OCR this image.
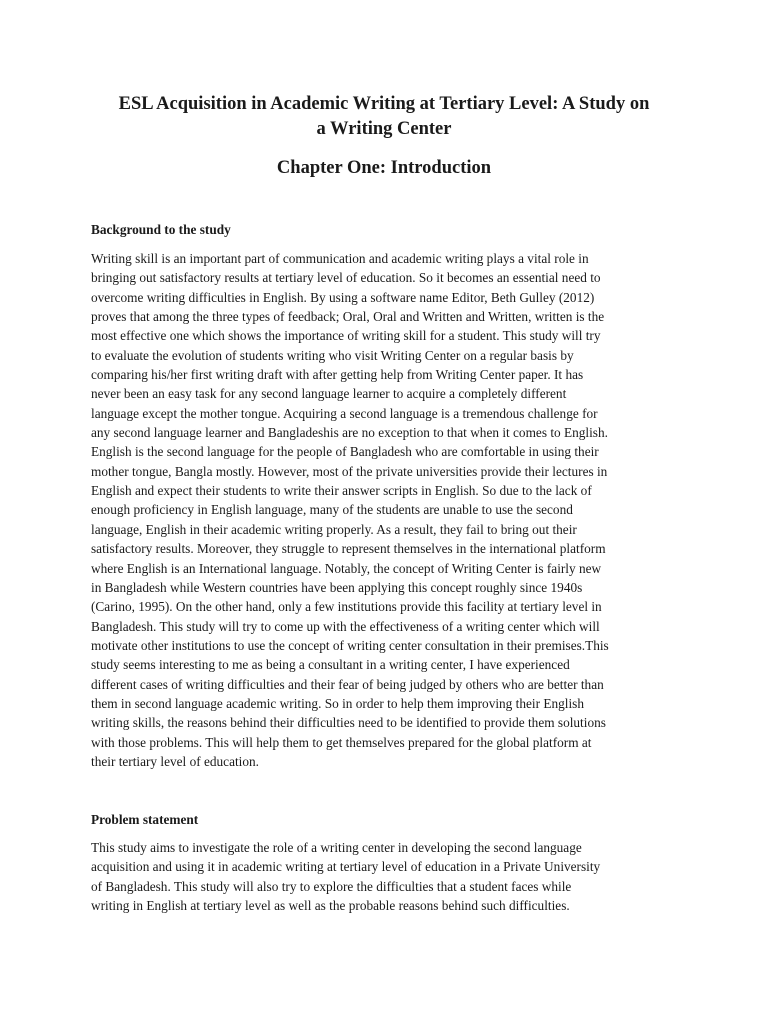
ESL Acquisition in Academic Writing at Tertiary Level: A Study on
a Writing Center
Chapter One: Introduction
Background to the study

Writing skill is an important part of communication and academic writing plays a vital role in
bringing out satisfactory results at tertiary level of education. So it becomes an essential need to
overcome writing difficulties in English. By using a software name Editor, Beth Gulley (2012)
proves that among the three types of feedback; Oral, Oral and Written and Written, written is the
most effective one which shows the importance of writing skill for a student. This study will try
to evaluate the evolution of students writing who visit Writing Center on a regular basis by
comparing his/her first writing draft with after getting help from Writing Center paper. It has
never been an easy task for any second language learner to acquire a completely different
language except the mother tongue. Acquiring a second language is a tremendous challenge for
any second language learner and Bangladeshis are no exception to that when it comes to English.
English is the second language for the people of Bangladesh who are comfortable in using their
mother tongue, Bangla mostly. However, most of the private universities provide their lectures in
English and expect their students to write their answer scripts in English. So due to the lack of
enough proficiency in English language, many of the students are unable to use the second
language, English in their academic writing properly. As a result, they fail to bring out their
satisfactory results. Moreover, they struggle to represent themselves in the international platform
where English is an International language. Notably, the concept of Writing Center is fairly new
in Bangladesh while Western countries have been applying this concept roughly since 1940s
(Carino, 1995). On the other hand, only a few institutions provide this facility at tertiary level in
Bangladesh. This study will try to come up with the effectiveness of a writing center which will
motivate other institutions to use the concept of writing center consultation in their premises.This
study seems interesting to me as being a consultant in a writing center, I have experienced
different cases of writing difficulties and their fear of being judged by others who are better than
them in second language academic writing. So in order to help them improving their English
writing skills, the reasons behind their difficulties need to be identified to provide them solutions
with those problems. This will help them to get themselves prepared for the global platform at
their tertiary level of education.

Problem statement

This study aims to investigate the role of a writing center in developing the second language
acquisition and using it in academic writing at tertiary level of education in a Private University
of Bangladesh. This study will also try to explore the difficulties that a student faces while
writing in English at tertiary level as well as the probable reasons behind such difficulties.
